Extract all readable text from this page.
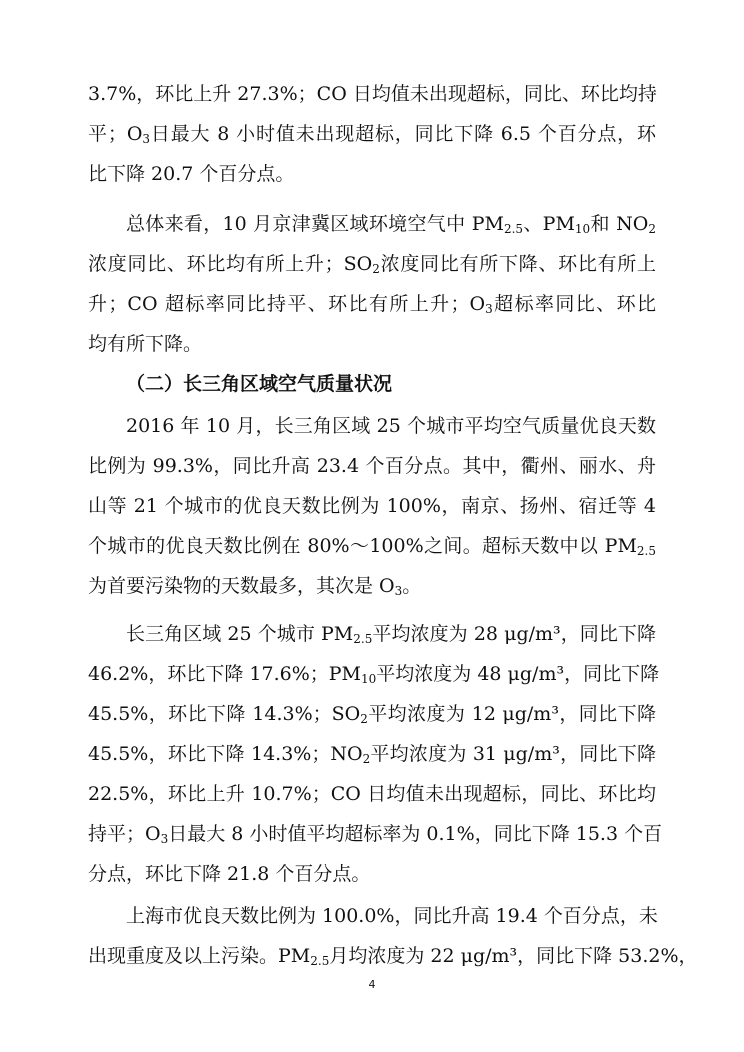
3.7%，环比上升 27.3%；CO 日均值未出现超标，同比、环比均持
平；$O_3$日最大 8 小时值未出现超标，同比下降 6.5 个百分点，环
比下降 20.7 个百分点。
总体来看，10 月京津冀区域环境空气中 $PM_{2.5}$、$PM_{10}$和 $NO_2$
浓度同比、环比均有所上升；$SO_2$浓度同比有所下降、环比有所上
升；CO 超标率同比持平、环比有所上升；$O_3$超标率同比、环比
均有所下降。
（二）长三角区域空气质量状况
2016 年 10 月，长三角区域 25 个城市平均空气质量优良天数
比例为 99.3%，同比升高 23.4 个百分点。其中，衢州、丽水、舟
山等 21 个城市的优良天数比例为 100%，南京、扬州、宿迁等 4
个城市的优良天数比例在 80%～100%之间。超标天数中以 $PM_{2.5}$
为首要污染物的天数最多，其次是 $O_3$。
长三角区域 25 个城市 $PM_{2.5}$平均浓度为 28 μg/m³，同比下降
46.2%，环比下降 17.6%；$PM_{10}$平均浓度为 48 μg/m³，同比下降
45.5%，环比下降 14.3%；$SO_2$平均浓度为 12 μg/m³，同比下降
45.5%，环比下降 14.3%；$NO_2$平均浓度为 31 μg/m³，同比下降
22.5%，环比上升 10.7%；CO 日均值未出现超标，同比、环比均
持平；$O_3$日最大 8 小时值平均超标率为 0.1%，同比下降 15.3 个百
分点，环比下降 21.8 个百分点。
上海市优良天数比例为 100.0%，同比升高 19.4 个百分点，未
出现重度及以上污染。$PM_{2.5}$月均浓度为 22 μg/m³，同比下降 53.2%，
4
